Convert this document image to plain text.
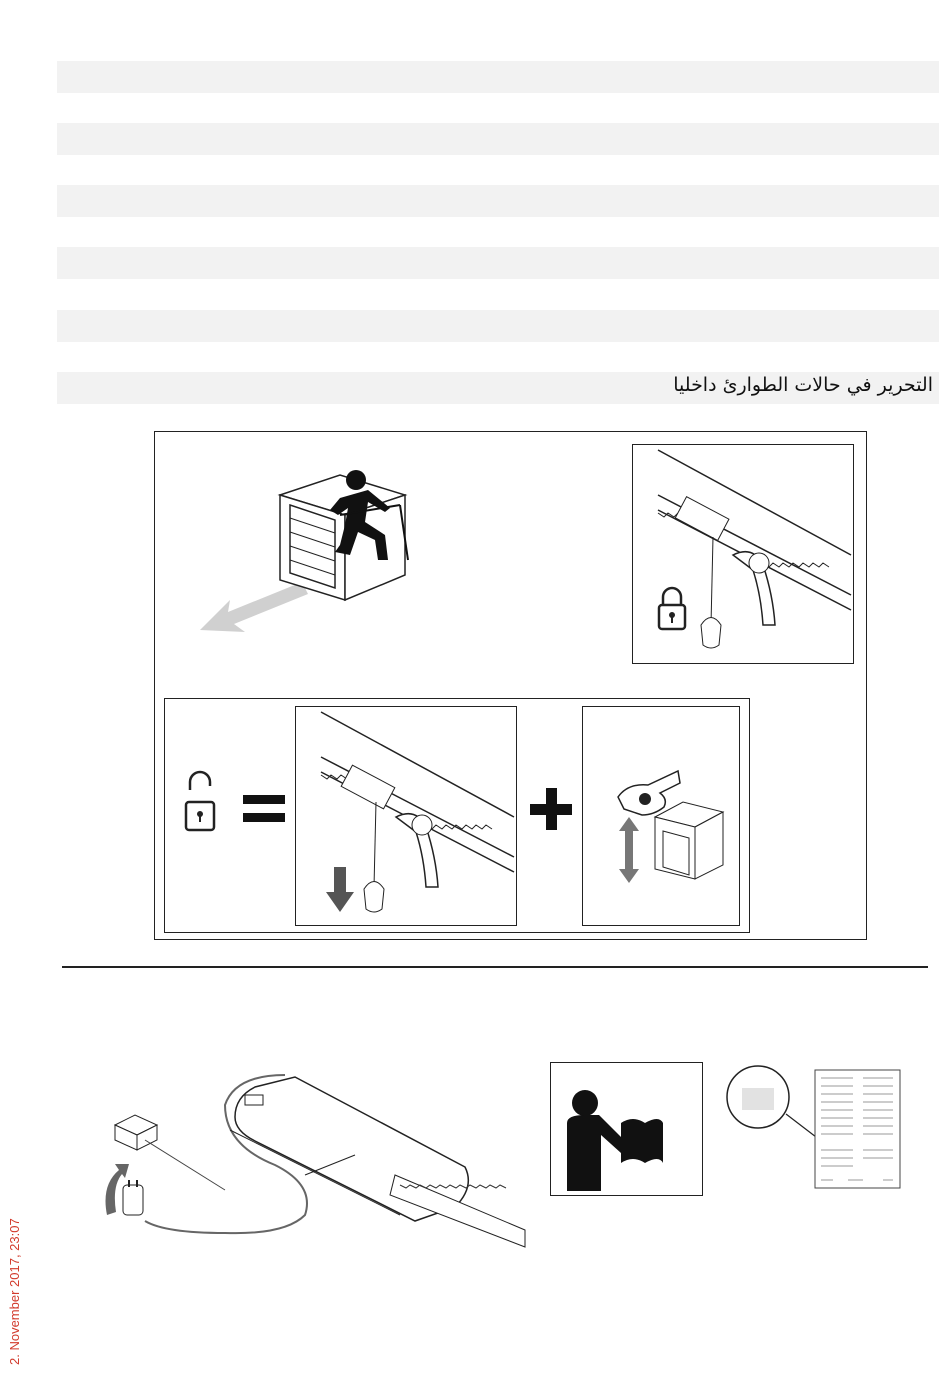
التحرير في حالات الطوارئ داخليا
2. November 2017, 23:07
